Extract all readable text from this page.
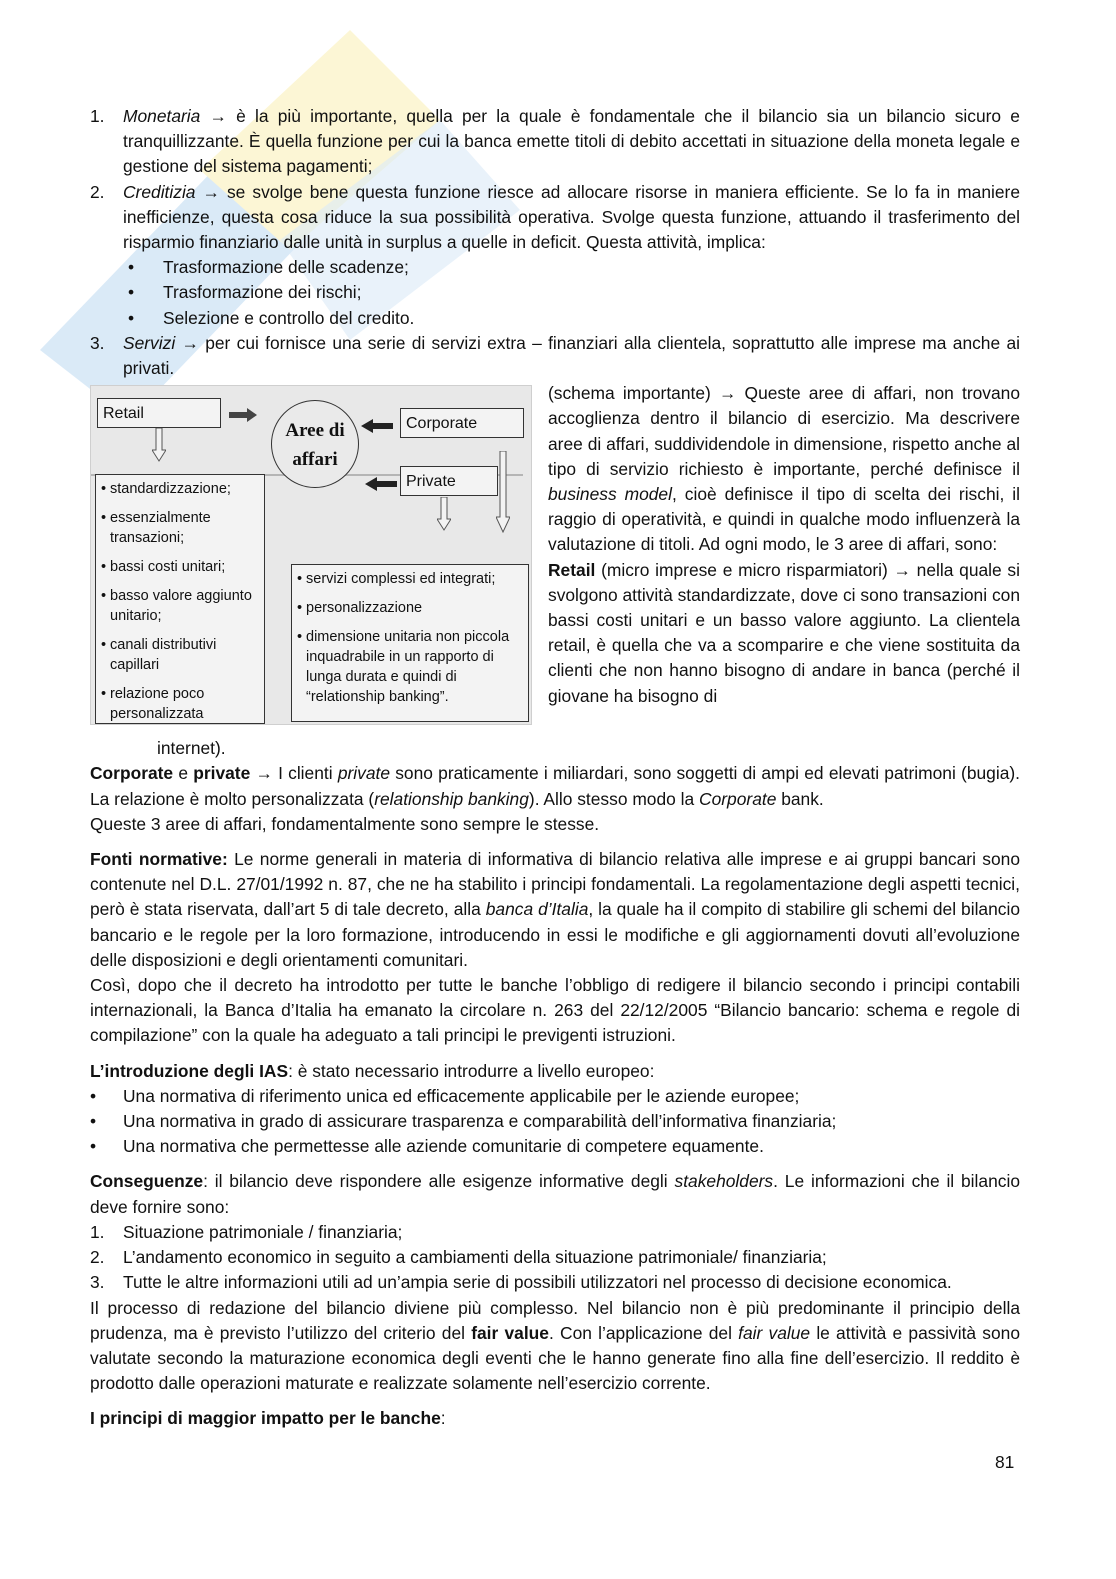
1. Monetaria → è la più importante, quella per la quale è fondamentale che il bilancio sia un bilancio sicuro e tranquillizzante. È quella funzione per cui la banca emette titoli di debito accettati in situazione della moneta legale e gestione del sistema pagamenti;
2. Creditizia → se svolge bene questa funzione riesce ad allocare risorse in maniera efficiente. Se lo fa in maniere inefficienze, questa cosa riduce la sua possibilità operativa. Svolge questa funzione, attuando il trasferimento del risparmio finanziario dalle unità in surplus a quelle in deficit. Questa attività, implica:
• Trasformazione delle scadenze;
• Trasformazione dei rischi;
• Selezione e controllo del credito.
3. Servizi → per cui fornisce una serie di servizi extra – finanziari alla clientela, soprattutto alle imprese ma anche ai privati.
Retail
Aree di
affari
Corporate
Private
• standardizzazione;
• essenzialmente transazioni;
• bassi costi unitari;
• basso valore aggiunto unitario;
• canali distributivi capillari
• relazione poco personalizzata
• servizi complessi ed integrati;
• personalizzazione
• dimensione unitaria non piccola inquadrabile in un rapporto di lunga durata e quindi di “relationship banking”.
(schema importante) → Queste aree di affari, non trovano accoglienza dentro il bilancio di esercizio. Ma descrivere aree di affari, suddividendole in dimensione, rispetto anche al tipo di servizio richiesto è importante, perché definisce il business model, cioè definisce il tipo di scelta dei rischi, il raggio di operatività, e quindi in qualche modo influenzerà la valutazione di titoli. Ad ogni modo, le 3 aree di affari, sono:
Retail (micro imprese e micro risparmiatori) → nella quale si svolgono attività standardizzate, dove ci sono transazioni con bassi costi unitari e un basso valore aggiunto. La clientela retail, è quella che va a scomparire e che viene sostituita da clienti che non hanno bisogno di andare in banca (perché il giovane ha bisogno di
internet).
Corporate e private → I clienti private sono praticamente i miliardari, sono soggetti di ampi ed elevati patrimoni (bugia). La relazione è molto personalizzata (relationship banking). Allo stesso modo la Corporate bank.
Queste 3 aree di affari, fondamentalmente sono sempre le stesse.
Fonti normative: Le norme generali in materia di informativa di bilancio relativa alle imprese e ai gruppi bancari sono contenute nel D.L. 27/01/1992 n. 87, che ne ha stabilito i principi fondamentali. La regolamentazione degli aspetti tecnici, però è stata riservata, dall’art 5 di tale decreto, alla banca d’Italia, la quale ha il compito di stabilire gli schemi del bilancio bancario e le regole per la loro formazione, introducendo in essi le modifiche e gli aggiornamenti dovuti all’evoluzione delle disposizioni e degli orientamenti comunitari.
Così, dopo che il decreto ha introdotto per tutte le banche l’obbligo di redigere il bilancio secondo i principi contabili internazionali, la Banca d’Italia ha emanato la circolare n. 263 del 22/12/2005 “Bilancio bancario: schema e regole di compilazione” con la quale ha adeguato a tali principi le previgenti istruzioni.
L’introduzione degli IAS: è stato necessario introdurre a livello europeo:
• Una normativa di riferimento unica ed efficacemente applicabile per le aziende europee;
• Una normativa in grado di assicurare trasparenza e comparabilità dell’informativa finanziaria;
• Una normativa che permettesse alle aziende comunitarie di competere equamente.
Conseguenze: il bilancio deve rispondere alle esigenze informative degli stakeholders. Le informazioni che il bilancio deve fornire sono:
1. Situazione patrimoniale / finanziaria;
2. L’andamento economico in seguito a cambiamenti della situazione patrimoniale/ finanziaria;
3. Tutte le altre informazioni utili ad un’ampia serie di possibili utilizzatori nel processo di decisione economica.
Il processo di redazione del bilancio diviene più complesso. Nel bilancio non è più predominante il principio della prudenza, ma è previsto l’utilizzo del criterio del fair value. Con l’applicazione del fair value le attività e passività sono valutate secondo la maturazione economica degli eventi che le hanno generate fino alla fine dell’esercizio. Il reddito è prodotto dalle operazioni maturate e realizzate solamente nell’esercizio corrente.
I principi di maggior impatto per le banche:
81
